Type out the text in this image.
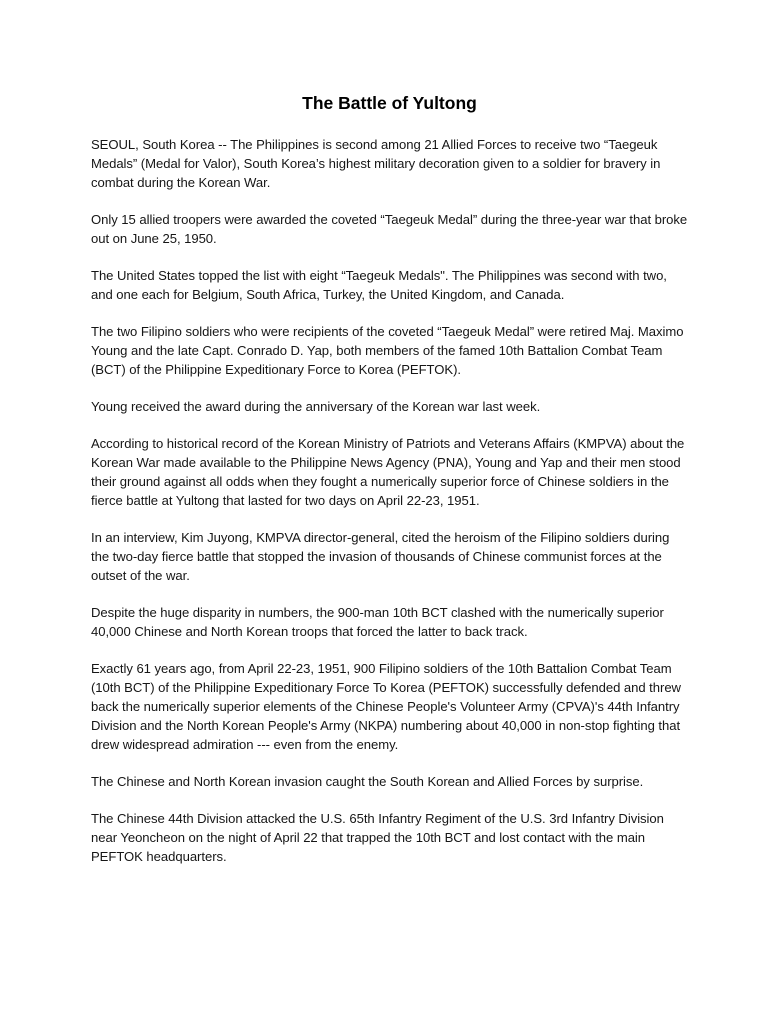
The Battle of Yultong

SEOUL, South Korea -- The Philippines is second among 21 Allied Forces to receive two “Taegeuk Medals” (Medal for Valor), South Korea’s highest military decoration given to a soldier for bravery in combat during the Korean War.

Only 15 allied troopers were awarded the coveted “Taegeuk Medal” during the three-year war that broke out on June 25, 1950.

The United States topped the list with eight “Taegeuk Medals". The Philippines was second with two, and one each for Belgium, South Africa, Turkey, the United Kingdom, and Canada.

The two Filipino soldiers who were recipients of the coveted “Taegeuk Medal” were retired Maj. Maximo Young and the late Capt. Conrado D. Yap, both members of the famed 10th Battalion Combat Team (BCT) of the Philippine Expeditionary Force to Korea (PEFTOK).

Young received the award during the anniversary of the Korean war last week.

According to historical record of the Korean Ministry of Patriots and Veterans Affairs (KMPVA) about the Korean War made available to the Philippine News Agency (PNA), Young and Yap and their men stood their ground against all odds when they fought a numerically superior force of Chinese soldiers in the fierce battle at Yultong that lasted for two days on April 22-23, 1951.

In an interview, Kim Juyong, KMPVA director-general, cited the heroism of the Filipino soldiers during the two-day fierce battle that stopped the invasion of thousands of Chinese communist forces at the outset of the war.

Despite the huge disparity in numbers, the 900-man 10th BCT clashed with the numerically superior 40,000 Chinese and North Korean troops that forced the latter to back track.

Exactly 61 years ago, from April 22-23, 1951, 900 Filipino soldiers of the 10th Battalion Combat Team (10th BCT) of the Philippine Expeditionary Force To Korea (PEFTOK) successfully defended and threw back the numerically superior elements of the Chinese People's Volunteer Army (CPVA)'s 44th Infantry Division and the North Korean People's Army (NKPA) numbering about 40,000 in non-stop fighting that drew widespread admiration --- even from the enemy.

The Chinese and North Korean invasion caught the South Korean and Allied Forces by surprise.

The Chinese 44th Division attacked the U.S. 65th Infantry Regiment of the U.S. 3rd Infantry Division near Yeoncheon on the night of April 22 that trapped the 10th BCT and lost contact with the main PEFTOK headquarters.
